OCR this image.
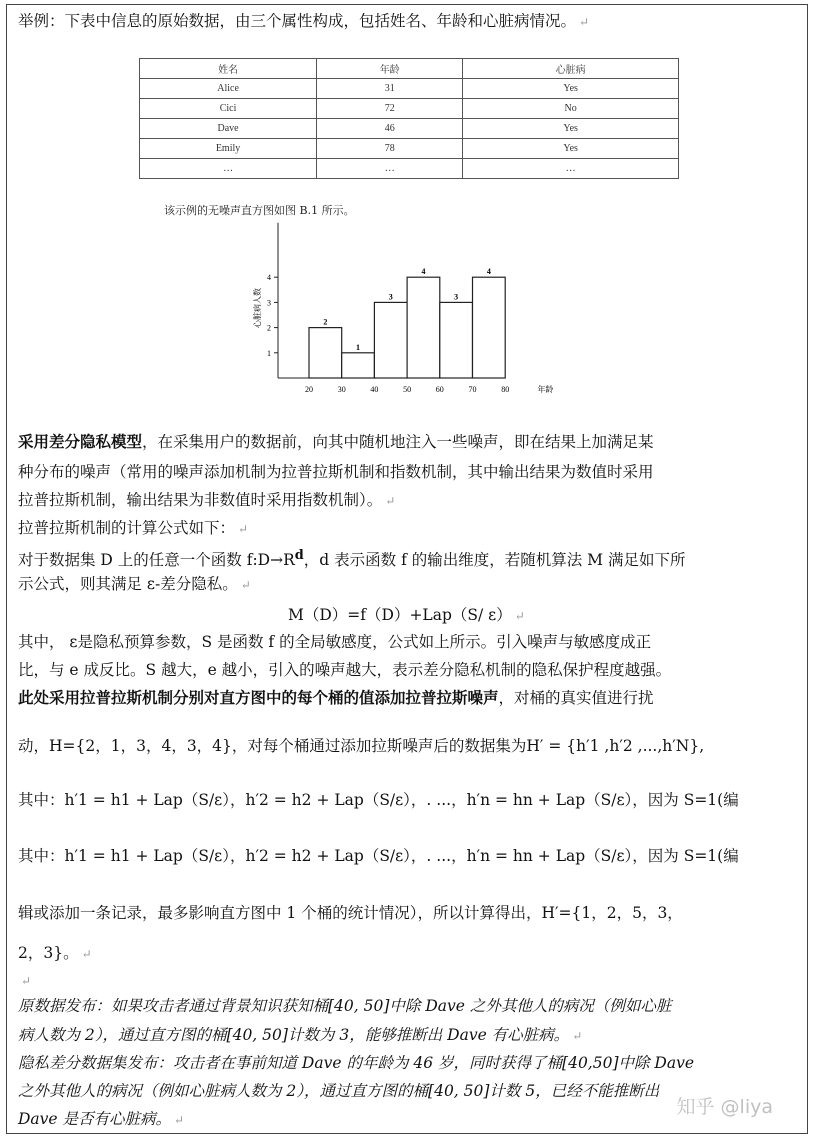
举例：下表中信息的原始数据，由三个属性构成，包括姓名、年龄和心脏病情况。 ↵
姓名	年龄	心脏病
Alice	31	Yes
Cici	72	No
Dave	46	Yes
Emily	78	Yes
…	…	…
该示例的无噪声直方图如图 B.1 所示。
1
2
3
4
2
1
3
4
3
4
20	30	40	50	60	70	80	年龄
心脏病人数
采用差分隐私模型，在采集用户的数据前，向其中随机地注入一些噪声，即在结果上加满足某
种分布的噪声（常用的噪声添加机制为拉普拉斯机制和指数机制，其中输出结果为数值时采用
拉普拉斯机制，输出结果为非数值时采用指数机制）。 ↵
拉普拉斯机制的计算公式如下： ↵
对于数据集 D 上的任意一个函数 $f:D\to R^d$，d 表示函数 f 的输出维度，若随机算法 M 满足如下所
示公式，则其满足 ε-差分隐私。 ↵
M（D）=f（D）+Lap（S/ ε） ↵
其中， ε是隐私预算参数，S 是函数 f 的全局敏感度，公式如上所示。引入噪声与敏感度成正
比，与 e 成反比。S 越大，e 越小，引入的噪声越大，表示差分隐私机制的隐私保护程度越强。
此处采用拉普拉斯机制分别对直方图中的每个桶的值添加拉普拉斯噪声，对桶的真实值进行扰
动，H={2，1，3，4，3，4}，对每个桶通过添加拉斯噪声后的数据集为H′ = {h′1 ,h′2 ,...,h′N},
其中：h′1 = h1 + Lap（S/ε），h′2 = h2 + Lap（S/ε），. ...，h′n = hn + Lap（S/ε），因为 S=1(编
其中：h′1 = h1 + Lap（S/ε），h′2 = h2 + Lap（S/ε），. ...，h′n = hn + Lap（S/ε），因为 S=1(编
辑或添加一条记录，最多影响直方图中 1 个桶的统计情况），所以计算得出，H′={1，2，5，3，
2，3}。 ↵
↵
原数据发布：如果攻击者通过背景知识获知桶[40, 50]中除 Dave 之外其他人的病况（例如心脏
病人数为 2），通过直方图的桶[40, 50]计数为 3，能够推断出 Dave 有心脏病。 ↵
隐私差分数据集发布：攻击者在事前知道 Dave 的年龄为 46 岁，同时获得了桶[40,50]中除 Dave
之外其他人的病况（例如心脏病人数为 2），通过直方图的桶[40, 50]计数 5，已经不能推断出
Dave 是否有心脏病。 ↵
知乎 @liya
